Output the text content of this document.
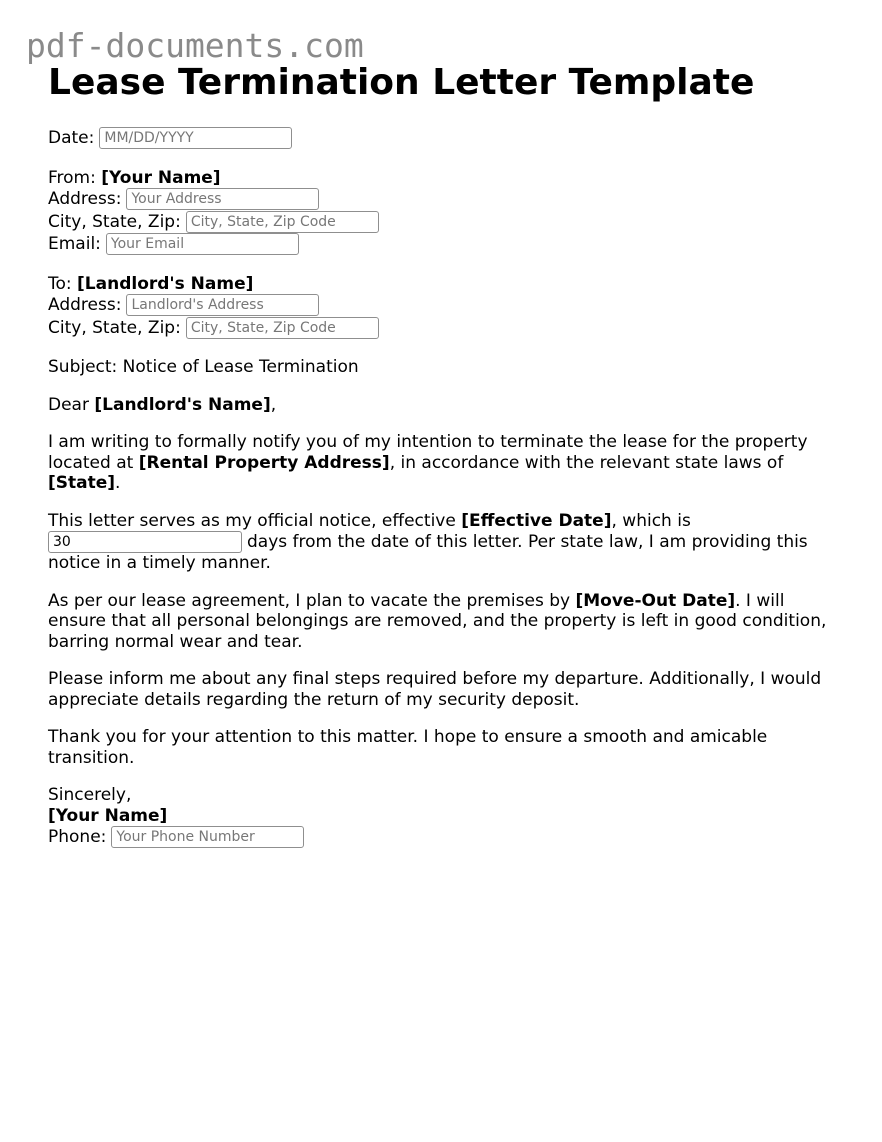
pdf-documents.com
Lease Termination Letter Template
Date:
MM/DD/YYYY
From:
[Your Name]
Address:
Your Address
City, State, Zip:
City, State, Zip Code
Email:
Your Email
To:
[Landlord's Name]
Address:
Landlord's Address
City, State, Zip:
City, State, Zip Code

Subject: Notice of Lease Termination

Dear [Landlord's Name],

I am writing to formally notify you of my intention to terminate the lease for the property located at [Rental Property Address], in accordance with the relevant state laws of [State].

This letter serves as my official notice, effective [Effective Date], which is
30days from the date of this letter. Per state law, I am providing this notice in a timely manner.

As per our lease agreement, I plan to vacate the premises by [Move-Out Date]. I will ensure that all personal belongings are removed, and the property is left in good condition, barring normal wear and tear.

Please inform me about any final steps required before my departure. Additionally, I would appreciate details regarding the return of my security deposit.

Thank you for your attention to this matter. I hope to ensure a smooth and amicable transition.

Sincerely,
[Your Name]
Phone:
Your Phone Number
